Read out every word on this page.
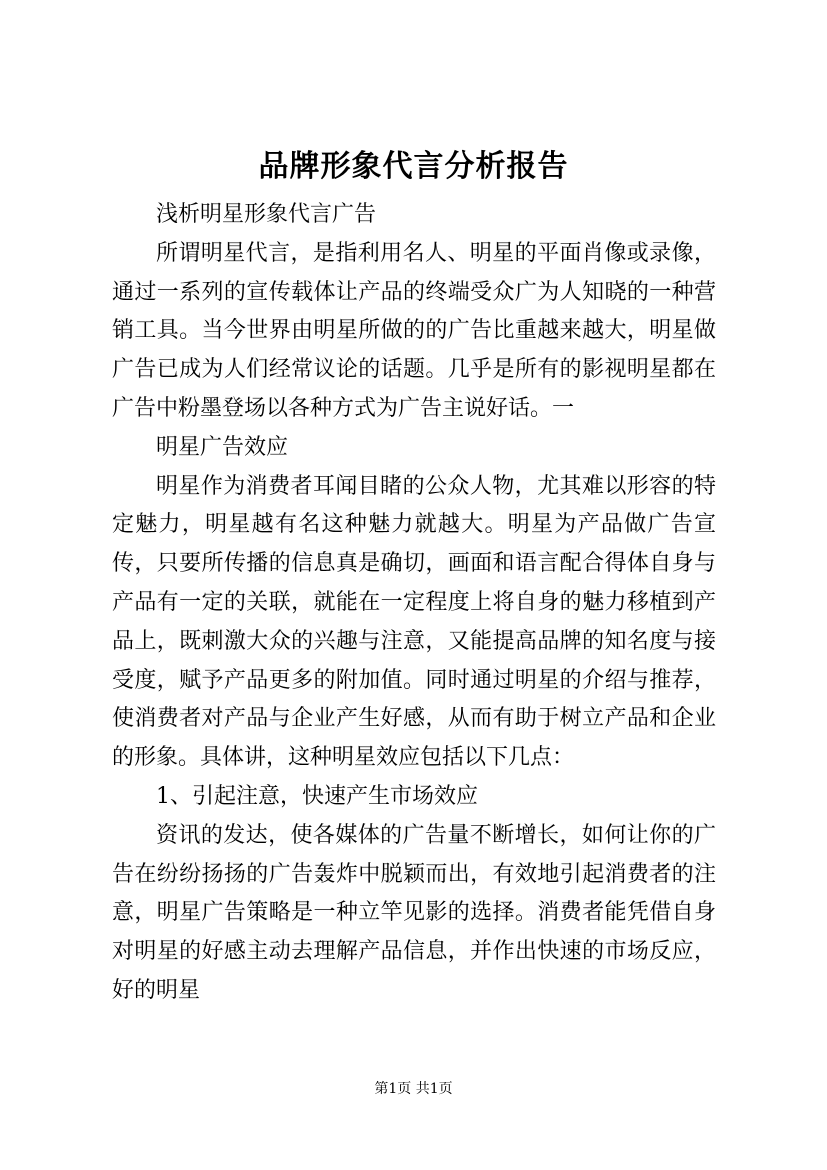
品牌形象代言分析报告

浅析明星形象代言广告

所谓明星代言，是指利用名人、明星的平面肖像或录像，通过一系列的宣传载体让产品的终端受众广为人知晓的一种营销工具。当今世界由明星所做的的广告比重越来越大，明星做广告已成为人们经常议论的话题。几乎是所有的影视明星都在广告中粉墨登场以各种方式为广告主说好话。一

明星广告效应

明星作为消费者耳闻目睹的公众人物，尤其难以形容的特定魅力，明星越有名这种魅力就越大。明星为产品做广告宣传，只要所传播的信息真是确切，画面和语言配合得体自身与产品有一定的关联，就能在一定程度上将自身的魅力移植到产品上，既刺激大众的兴趣与注意，又能提高品牌的知名度与接受度，赋予产品更多的附加值。同时通过明星的介绍与推荐，使消费者对产品与企业产生好感，从而有助于树立产品和企业的形象。具体讲，这种明星效应包括以下几点：

1、引起注意，快速产生市场效应

资讯的发达，使各媒体的广告量不断增长，如何让你的广告在纷纷扬扬的广告轰炸中脱颖而出，有效地引起消费者的注意，明星广告策略是一种立竿见影的选择。消费者能凭借自身对明星的好感主动去理解产品信息，并作出快速的市场反应，好的明星

第1页 共1页
